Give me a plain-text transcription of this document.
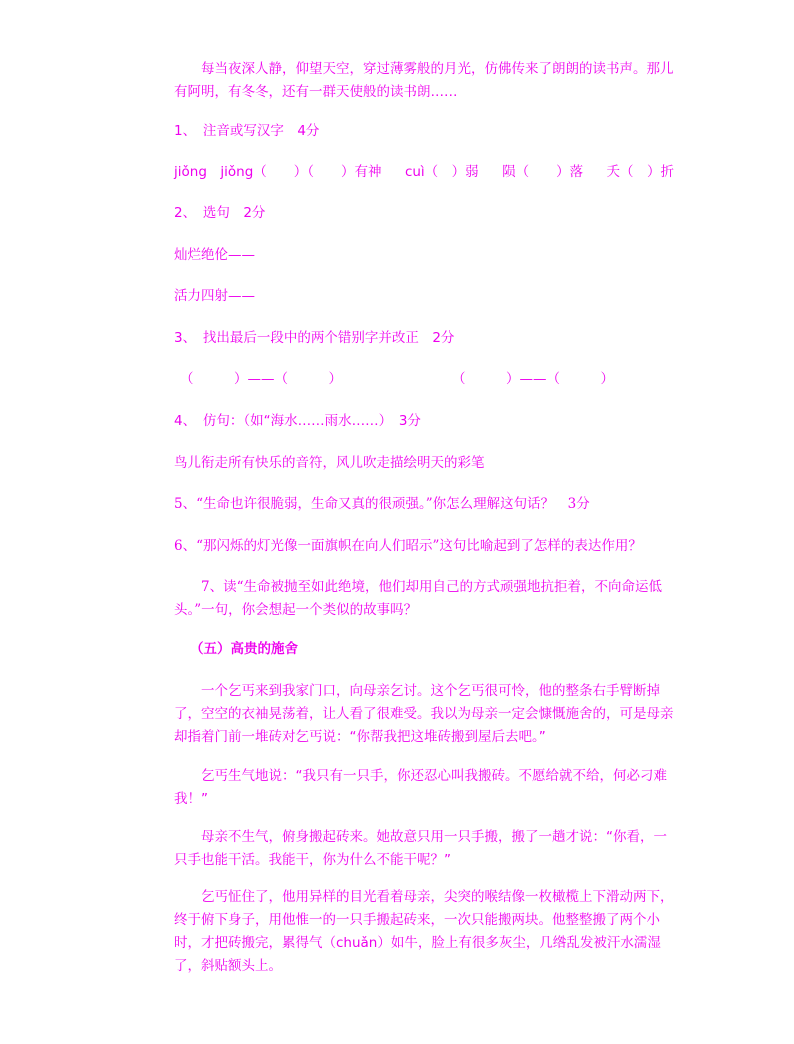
每当夜深人静，仰望天空，穿过薄雾般的月光，仿佛传来了朗朗的读书声。那儿有阿明，有冬冬，还有一群天使般的读书朗……
1、　注音或写汉字　4分
jiǒng　jiǒng（　　）（　　）有神 cuì（　）弱 陨（　　）落 夭（　）折
2、　选句　2分
灿烂绝伦——
活力四射——
3、　找出最后一段中的两个错别字并改正　2分
（　　　）——（　　　）	（　　　）——（　　　）
4、　仿句：（如“海水……雨水……）　3分
鸟儿衔走所有快乐的音符，风儿吹走描绘明天的彩笔
5、“生命也许很脆弱，生命又真的很顽强。”你怎么理解这句话？　3分
6、“那闪烁的灯光像一面旗帜在向人们昭示”这句比喻起到了怎样的表达作用？
7、读“生命被抛至如此绝境，他们却用自己的方式顽强地抗拒着，不向命运低头。”一句，你会想起一个类似的故事吗？
（五）高贵的施舍
一个乞丐来到我家门口，向母亲乞讨。这个乞丐很可怜，他的整条右手臂断掉了，空空的衣袖晃荡着，让人看了很难受。我以为母亲一定会慷慨施舍的，可是母亲却指着门前一堆砖对乞丐说：“你帮我把这堆砖搬到屋后去吧。”
乞丐生气地说：“我只有一只手，你还忍心叫我搬砖。不愿给就不给，何必刁难我！”
母亲不生气，俯身搬起砖来。她故意只用一只手搬，搬了一趟才说：“你看，一只手也能干活。我能干，你为什么不能干呢？”
乞丐怔住了，他用异样的目光看着母亲，尖突的喉结像一枚橄榄上下滑动两下，终于俯下身子，用他惟一的一只手搬起砖来，一次只能搬两块。他整整搬了两个小时，才把砖搬完，累得气（chuǎn）如牛，脸上有很多灰尘，几绺乱发被汗水濡湿了，斜贴额头上。
